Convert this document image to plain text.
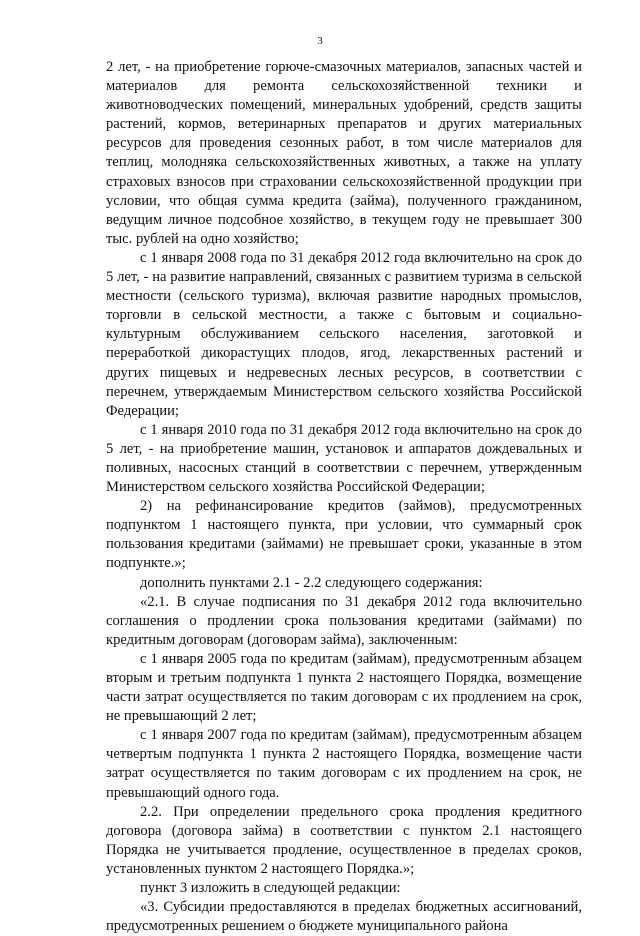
3

2 лет, - на приобретение горюче-смазочных материалов, запасных частей и материалов для ремонта сельскохозяйственной техники и животноводческих помещений, минеральных удобрений, средств защиты растений, кормов, ветеринарных препаратов и других материальных ресурсов для проведения сезонных работ, в том числе материалов для теплиц, молодняка сельскохозяйственных животных, а также на уплату страховых взносов при страховании сельскохозяйственной продукции при условии, что общая сумма кредита (займа), полученного гражданином, ведущим личное подсобное хозяйство, в текущем году не превышает 300 тыс. рублей на одно хозяйство;

с 1 января 2008 года по 31 декабря 2012 года включительно на срок до 5 лет, - на развитие направлений, связанных с развитием туризма в сельской местности (сельского туризма), включая развитие народных промыслов, торговли в сельской местности, а также с бытовым и социально-культурным обслуживанием сельского населения, заготовкой и переработкой дикорастущих плодов, ягод, лекарственных растений и других пищевых и недревесных лесных ресурсов, в соответствии с перечнем, утверждаемым Министерством сельского хозяйства Российской Федерации;

с 1 января 2010 года по 31 декабря 2012 года включительно на срок до 5 лет, - на приобретение машин, установок и аппаратов дождевальных и поливных, насосных станций в соответствии с перечнем, утвержденным Министерством сельского хозяйства Российской Федерации;

2) на рефинансирование кредитов (займов), предусмотренных подпунктом 1 настоящего пункта, при условии, что суммарный срок пользования кредитами (займами) не превышает сроки, указанные в этом подпункте.»;

дополнить пунктами 2.1 - 2.2 следующего содержания:

«2.1. В случае подписания по 31 декабря 2012 года включительно соглашения о продлении срока пользования кредитами (займами) по кредитным договорам (договорам займа), заключенным:

с 1 января 2005 года по кредитам (займам), предусмотренным абзацем вторым и третьим подпункта 1 пункта 2 настоящего Порядка, возмещение части затрат осуществляется по таким договорам с их продлением на срок, не превышающий 2 лет;

с 1 января 2007 года по кредитам (займам), предусмотренным абзацем четвертым подпункта 1 пункта 2 настоящего Порядка, возмещение части затрат осуществляется по таким договорам с их продлением на срок, не превышающий одного года.

2.2. При определении предельного срока продления кредитного договора (договора займа) в соответствии с пунктом 2.1 настоящего Порядка не учитывается продление, осуществленное в пределах сроков, установленных пунктом 2 настоящего Порядка.»;

пункт 3 изложить в следующей редакции:

«3. Субсидии предоставляются в пределах бюджетных ассигнований, предусмотренных решением о бюджете муниципального района
